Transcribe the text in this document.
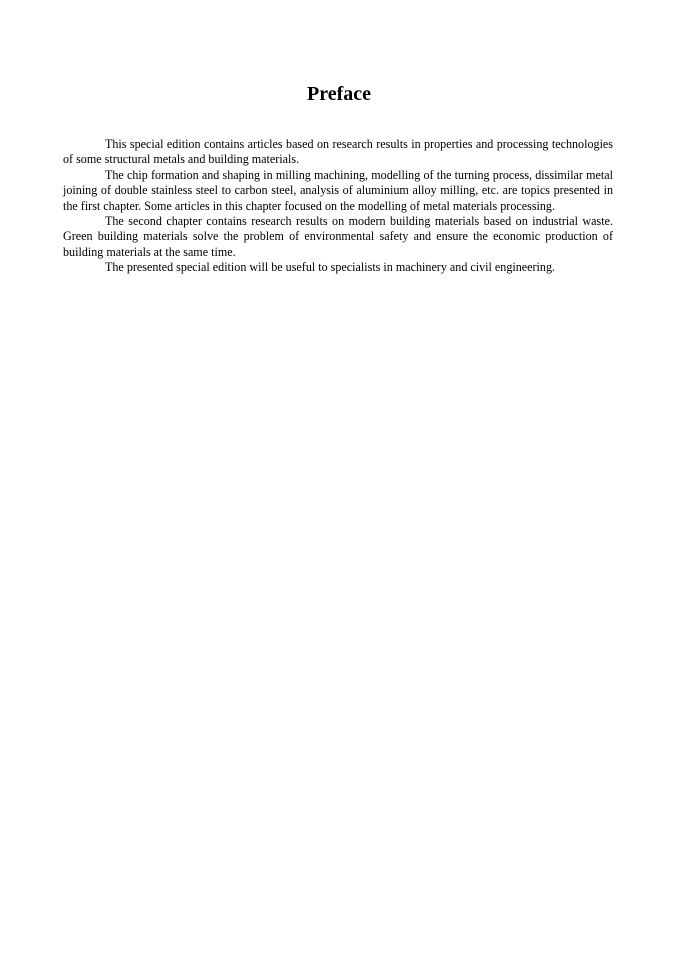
Preface

This special edition contains articles based on research results in properties and processing technologies of some structural metals and building materials.

The chip formation and shaping in milling machining, modelling of the turning process, dissimilar metal joining of double stainless steel to carbon steel, analysis of aluminium alloy milling, etc. are topics presented in the first chapter. Some articles in this chapter focused on the modelling of metal materials processing.

The second chapter contains research results on modern building materials based on industrial waste. Green building materials solve the problem of environmental safety and ensure the economic production of building materials at the same time.

The presented special edition will be useful to specialists in machinery and civil engineering.
